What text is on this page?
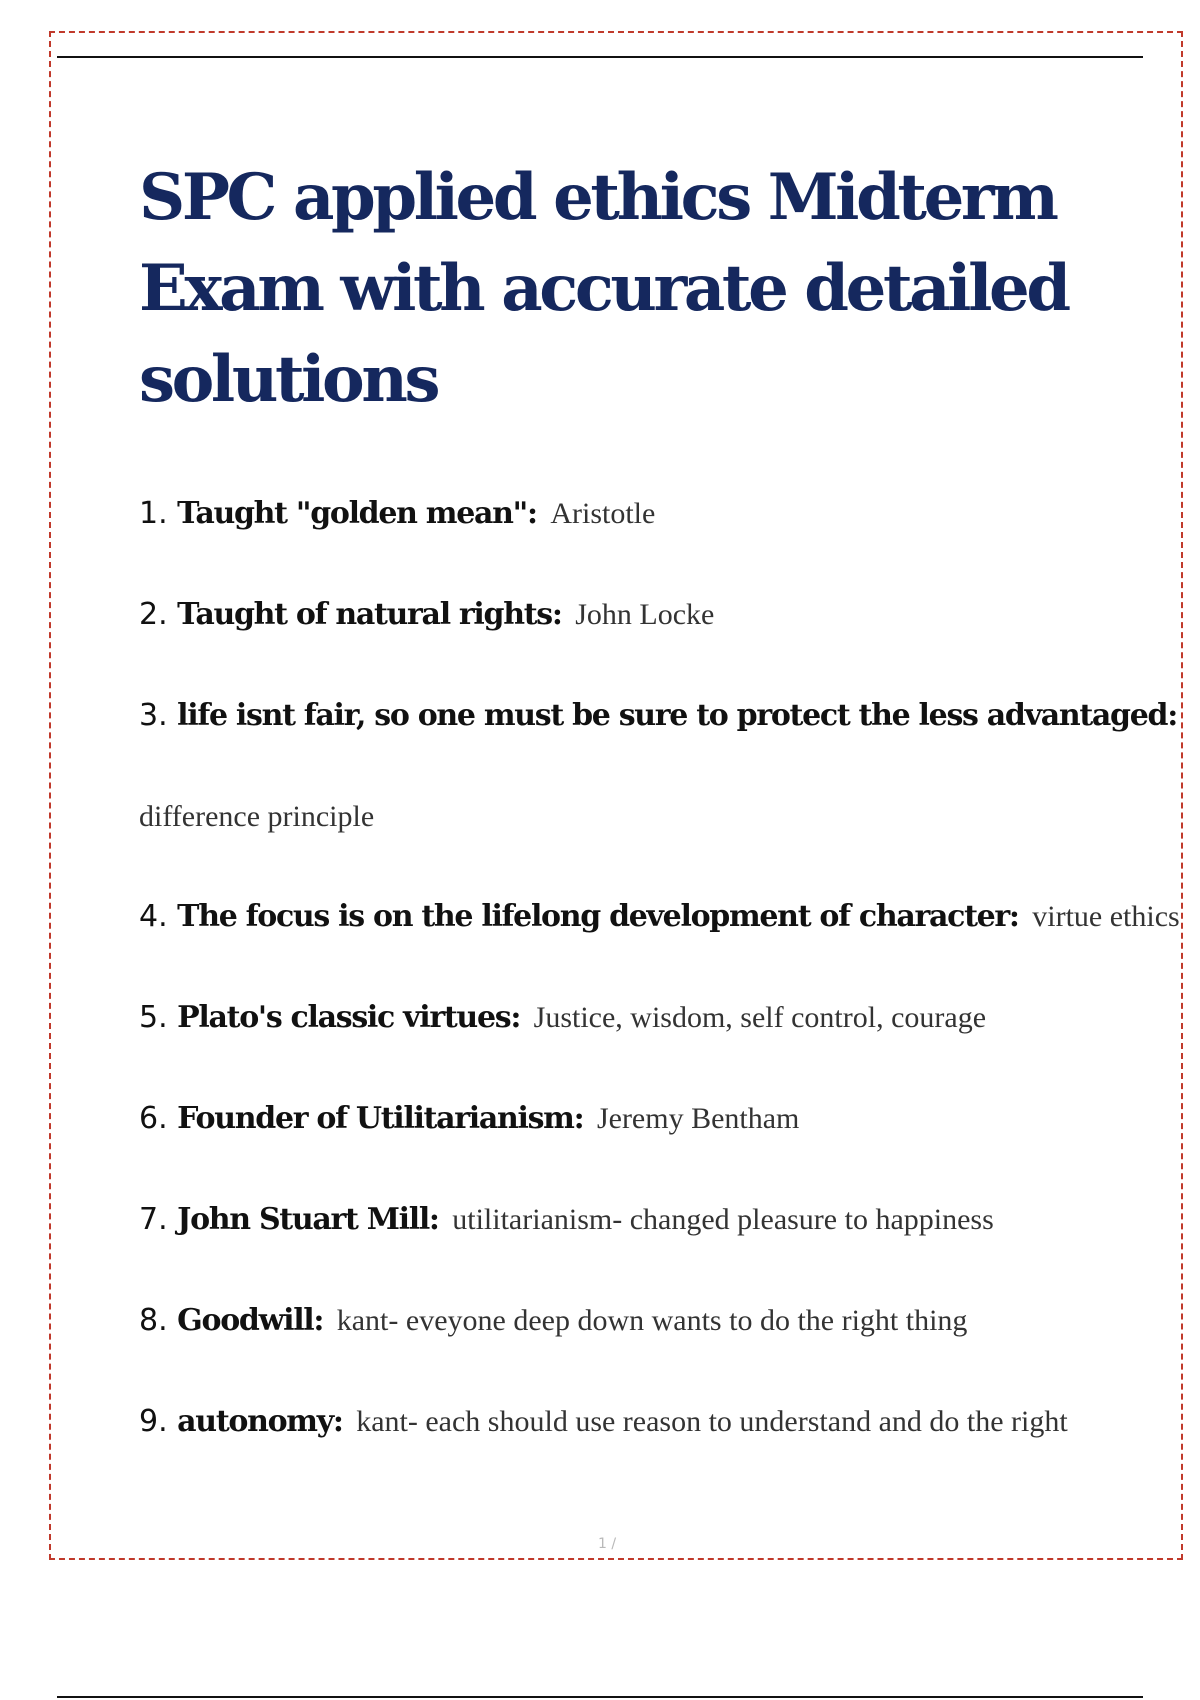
SPC applied ethics Midterm Exam with accurate detailed solutions
1. Taught "golden mean": Aristotle
2. Taught of natural rights: John Locke
3. life isnt fair, so one must be sure to protect the less advantaged:
difference principle
4. The focus is on the lifelong development of character: virtue ethics
5. Plato's classic virtues: Justice, wisdom, self control, courage
6. Founder of Utilitarianism: Jeremy Bentham
7. John Stuart Mill: utilitarianism- changed pleasure to happiness
8. Goodwill: kant- eveyone deep down wants to do the right thing
9. autonomy: kant- each should use reason to understand and do the right
1 /
